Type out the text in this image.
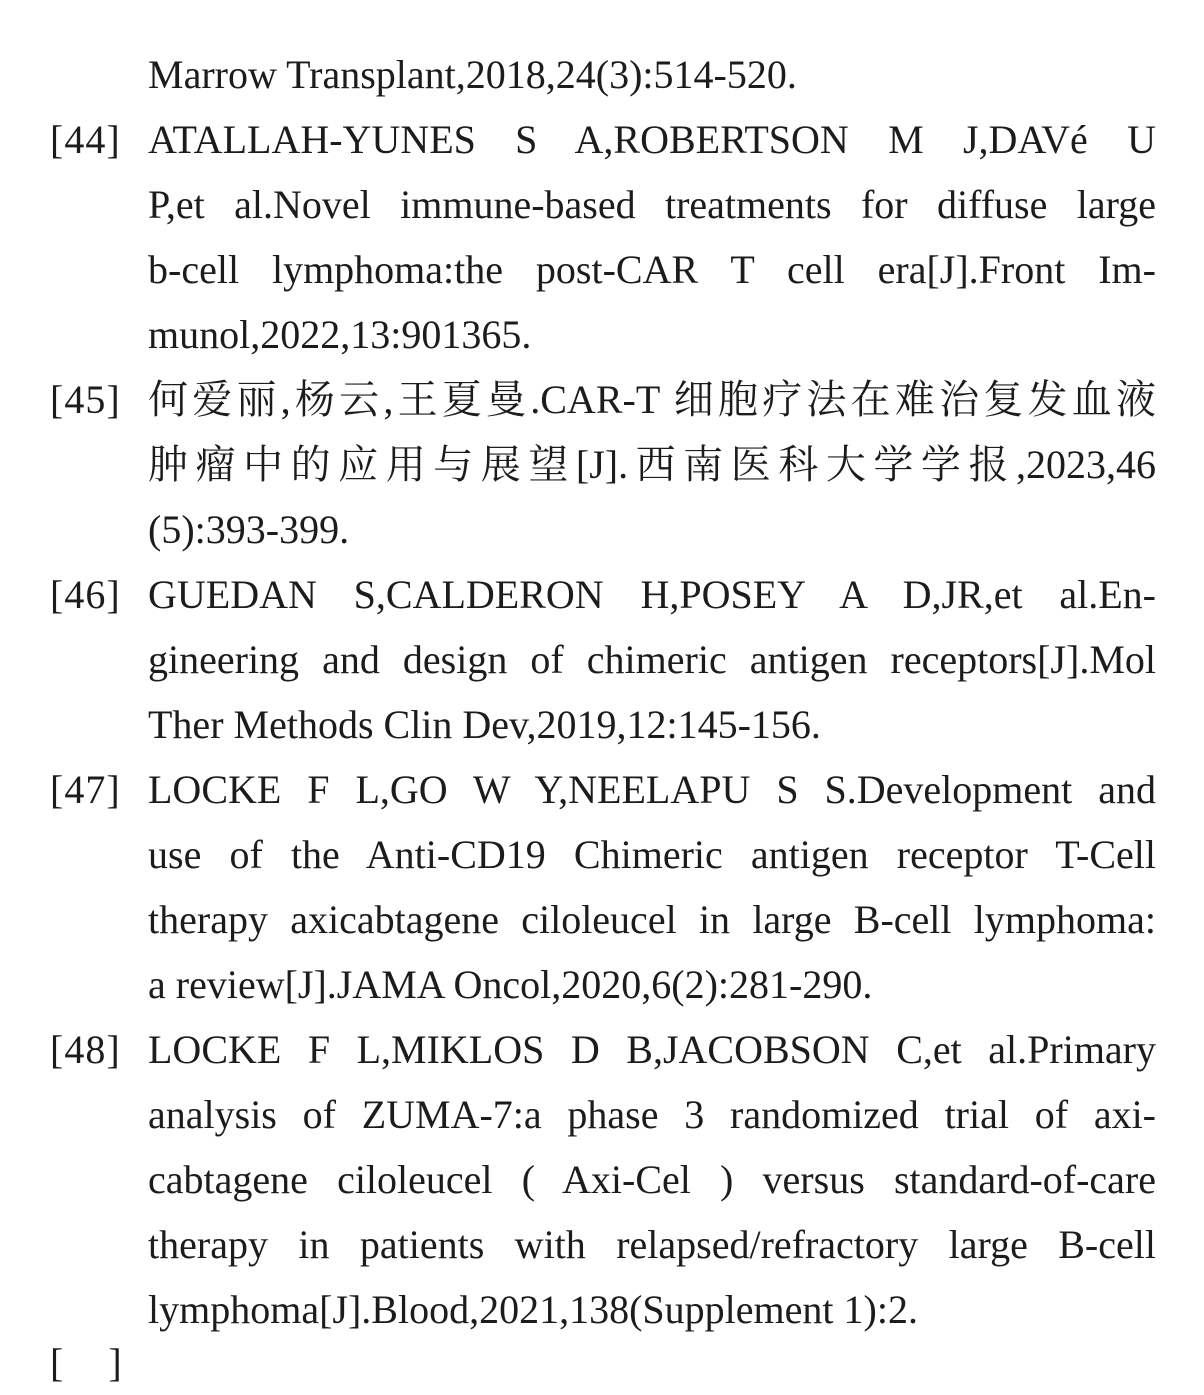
Marrow Transplant,2018,24(3):514-520.
[44] ATALLAH-YUNES S A,ROBERTSON M J,DAVé U
P,et al.Novel immune-based treatments for diffuse large
b-cell lymphoma:the post-CAR T cell era[J].Front Im-
munol,2022,13:901365.
[45] 何爱丽,杨云,王夏曼.CAR-T 细胞疗法在难治复发血液
肿瘤中的应用与展望[J].西南医科大学学报,2023,46
(5):393-399.
[46] GUEDAN S,CALDERON H,POSEY A D,JR,et al.En-
gineering and design of chimeric antigen receptors[J].Mol
Ther Methods Clin Dev,2019,12:145-156.
[47] LOCKE F L,GO W Y,NEELAPU S S.Development and
use of the Anti-CD19 Chimeric antigen receptor T-Cell
therapy axicabtagene ciloleucel in large B-cell lymphoma:
a review[J].JAMA Oncol,2020,6(2):281-290.
[48] LOCKE F L,MIKLOS D B,JACOBSON C,et al.Primary
analysis of ZUMA-7:a phase 3 randomized trial of axi-
cabtagene ciloleucel ( Axi-Cel ) versus standard-of-care
therapy in patients with relapsed/refractory large B-cell
lymphoma[J].Blood,2021,138(Supplement 1):2.
[ ]
